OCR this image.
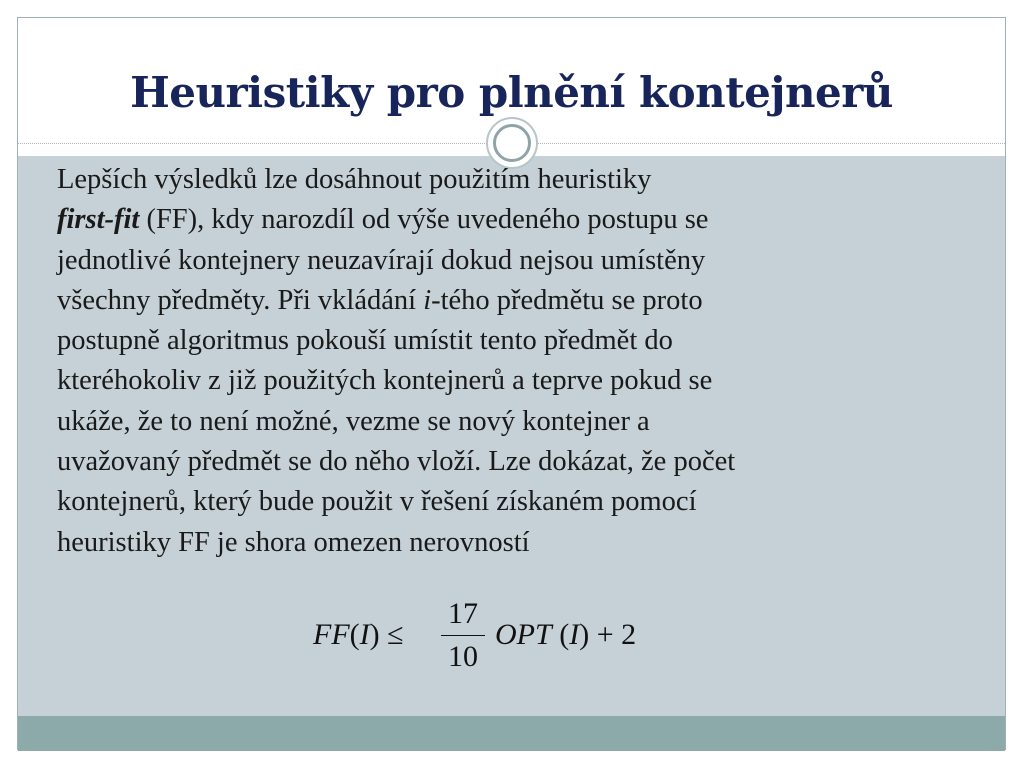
Heuristiky pro plnění kontejnerů
Lepších výsledků lze dosáhnout použitím heuristiky
first-fit (FF), kdy narozdíl od výše uvedeného postupu se
jednotlivé kontejnery neuzavírají dokud nejsou umístěny
všechny předměty. Při vkládání i-tého předmětu se proto
postupně algoritmus pokouší umístit tento předmět do
kteréhokoliv z již použitých kontejnerů a teprve pokud se
ukáže, že to není možné, vezme se nový kontejner a
uvažovaný předmět se do něho vloží. Lze dokázat, že počet
kontejnerů, který bude použit v řešení získaném pomocí
heuristiky FF je shora omezen nerovností
FF(I) ≤
17
10
OPT (I) + 2
